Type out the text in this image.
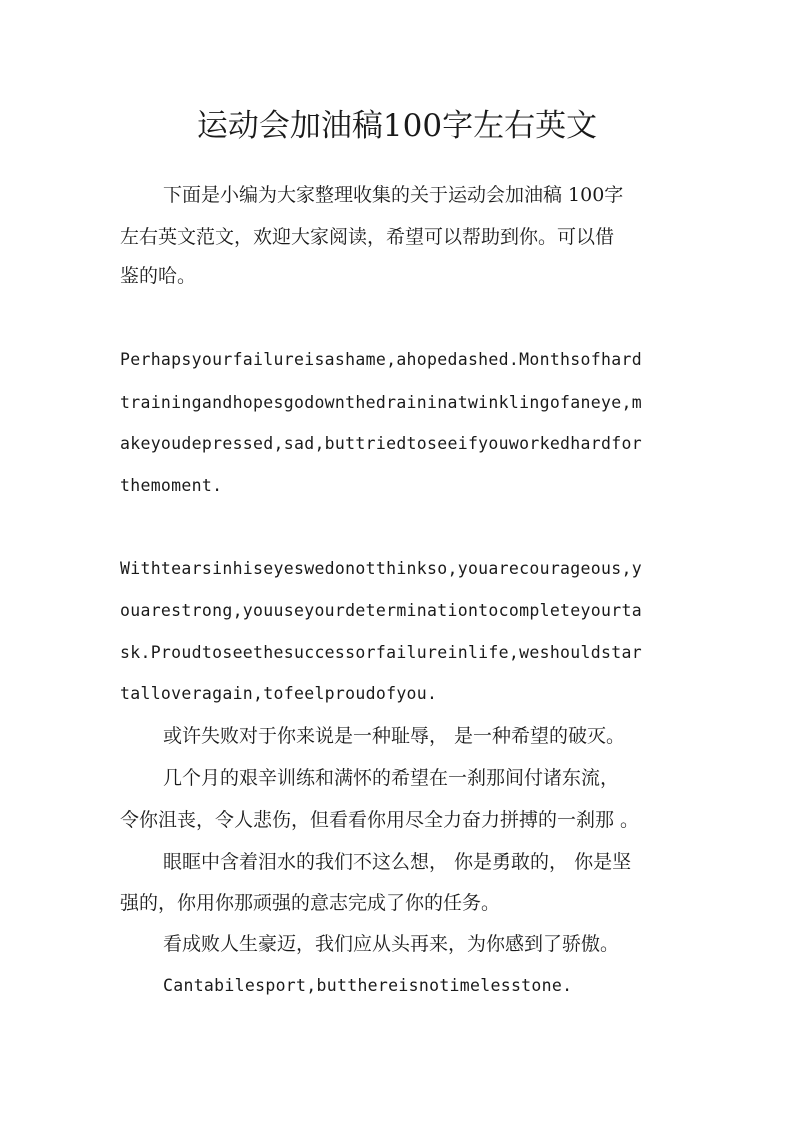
运动会加油稿100字左右英文
下面是小编为大家整理收集的关于运动会加油稿 100字
左右英文范文，欢迎大家阅读，希望可以帮助到你。可以借
鉴的哈。
Perhapsyourfailureisashame,ahopedashed.Monthsofhard
trainingandhopesgodownthedraininatwinklingofaneye,m
akeyoudepressed,sad,buttriedtoseeifyouworkedhardfor
themoment.
Withtearsinhiseyeswedonotthinkso,youarecourageous,y
ouarestrong,youuseyourdeterminationtocompleteyourta
sk.Proudtoseethesuccessorfailureinlife,weshouldstar
talloveragain,tofeelproudofyou.
或许失败对于你来说是一种耻辱， 是一种希望的破灭。
几个月的艰辛训练和满怀的希望在一刹那间付诸东流，
令你沮丧，令人悲伤，但看看你用尽全力奋力拼搏的一刹那 。
眼眶中含着泪水的我们不这么想， 你是勇敢的， 你是坚
强的，你用你那顽强的意志完成了你的任务。
看成败人生豪迈，我们应从头再来，为你感到了骄傲。
Cantabilesport,butthereisnotimelesstone.
